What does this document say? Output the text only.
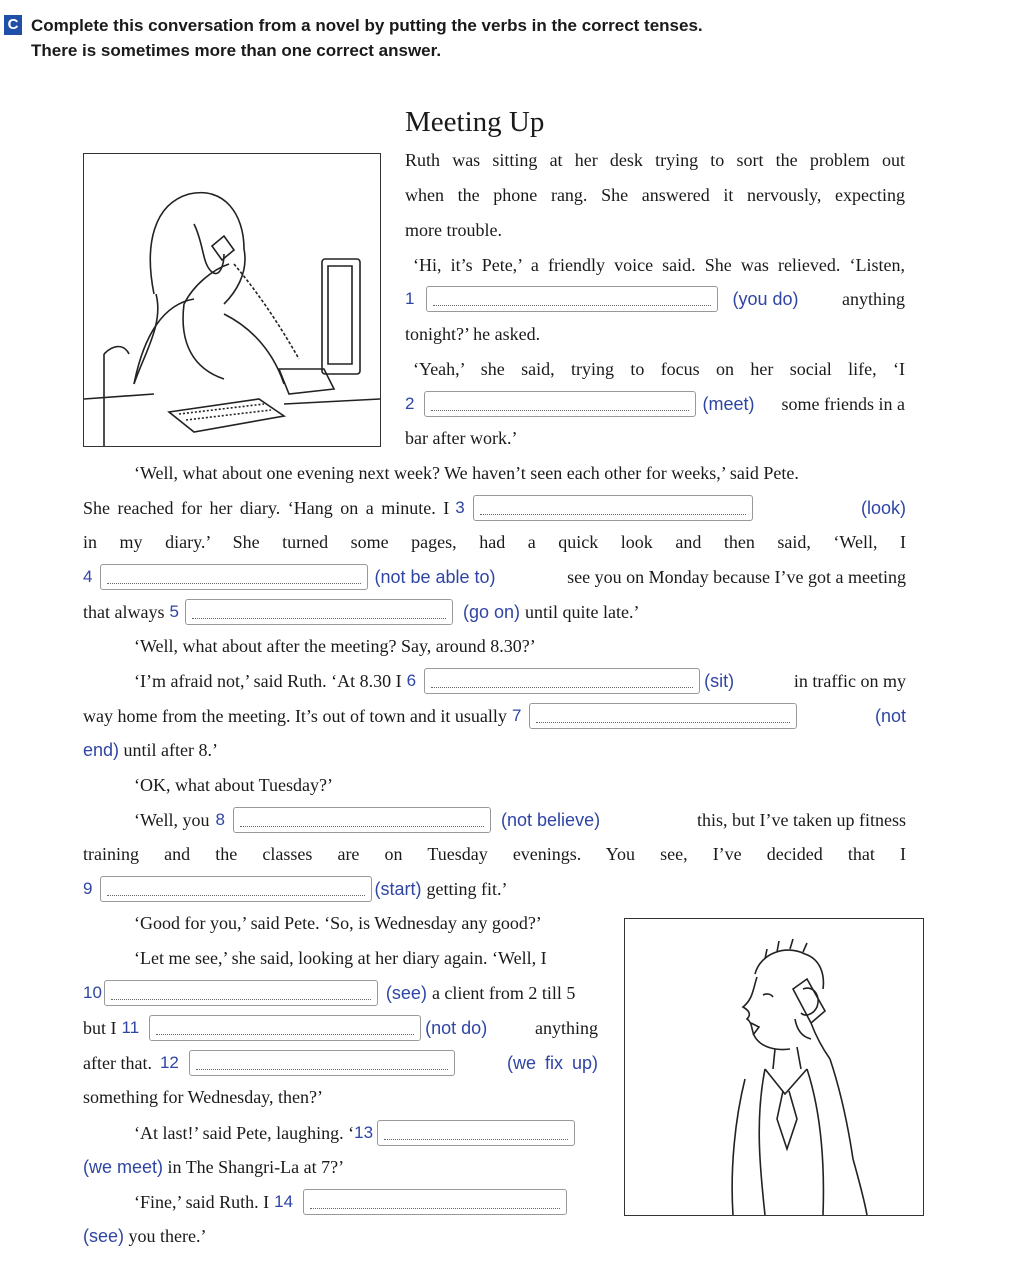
C Complete this conversation from a novel by putting the verbs in the correct tenses.
There is sometimes more than one correct answer.
Meeting Up
Ruth was sitting at her desk trying to sort the problem out
when the phone rang. She answered it nervously, expecting
more trouble.
‘Hi, it’s Pete,’ a friendly voice said. She was relieved. ‘Listen,
1	(you do) anything
tonight?’ he asked.
‘Yeah,’ she said, trying to focus on her social life, ‘I
2	(meet) some friends in a
bar after work.’
‘Well, what about one evening next week? We haven’t seen each other for weeks,’ said Pete.
She reached for her diary. ‘Hang on a minute. I 3	(look)
in my diary.’ She turned some pages, had a quick look and then said, ‘Well, I
4	(not be able to)	see you on Monday because I’ve got a meeting
that always 5	(go on) until quite late.’
‘Well, what about after the meeting? Say, around 8.30?’
‘I’m afraid not,’ said Ruth. ‘At 8.30 I 6	(sit)	in traffic on my
way home from the meeting. It’s out of town and it usually 7	(not
end) until after 8.’
‘OK, what about Tuesday?’
‘Well, you 8	(not believe)	this, but I’ve taken up fitness
training and the classes are on Tuesday evenings. You see, I’ve decided that I
9	(start) getting fit.’
‘Good for you,’ said Pete. ‘So, is Wednesday any good?’
‘Let me see,’ she said, looking at her diary again. ‘Well, I
10	(see) a client from 2 till 5
but I 11	(not do)	anything
after that. 12	(we fix up)
something for Wednesday, then?’
‘At last!’ said Pete, laughing. ‘ 13
(we meet) in The Shangri-La at 7?’
‘Fine,’ said Ruth. I 14
(see) you there.’
